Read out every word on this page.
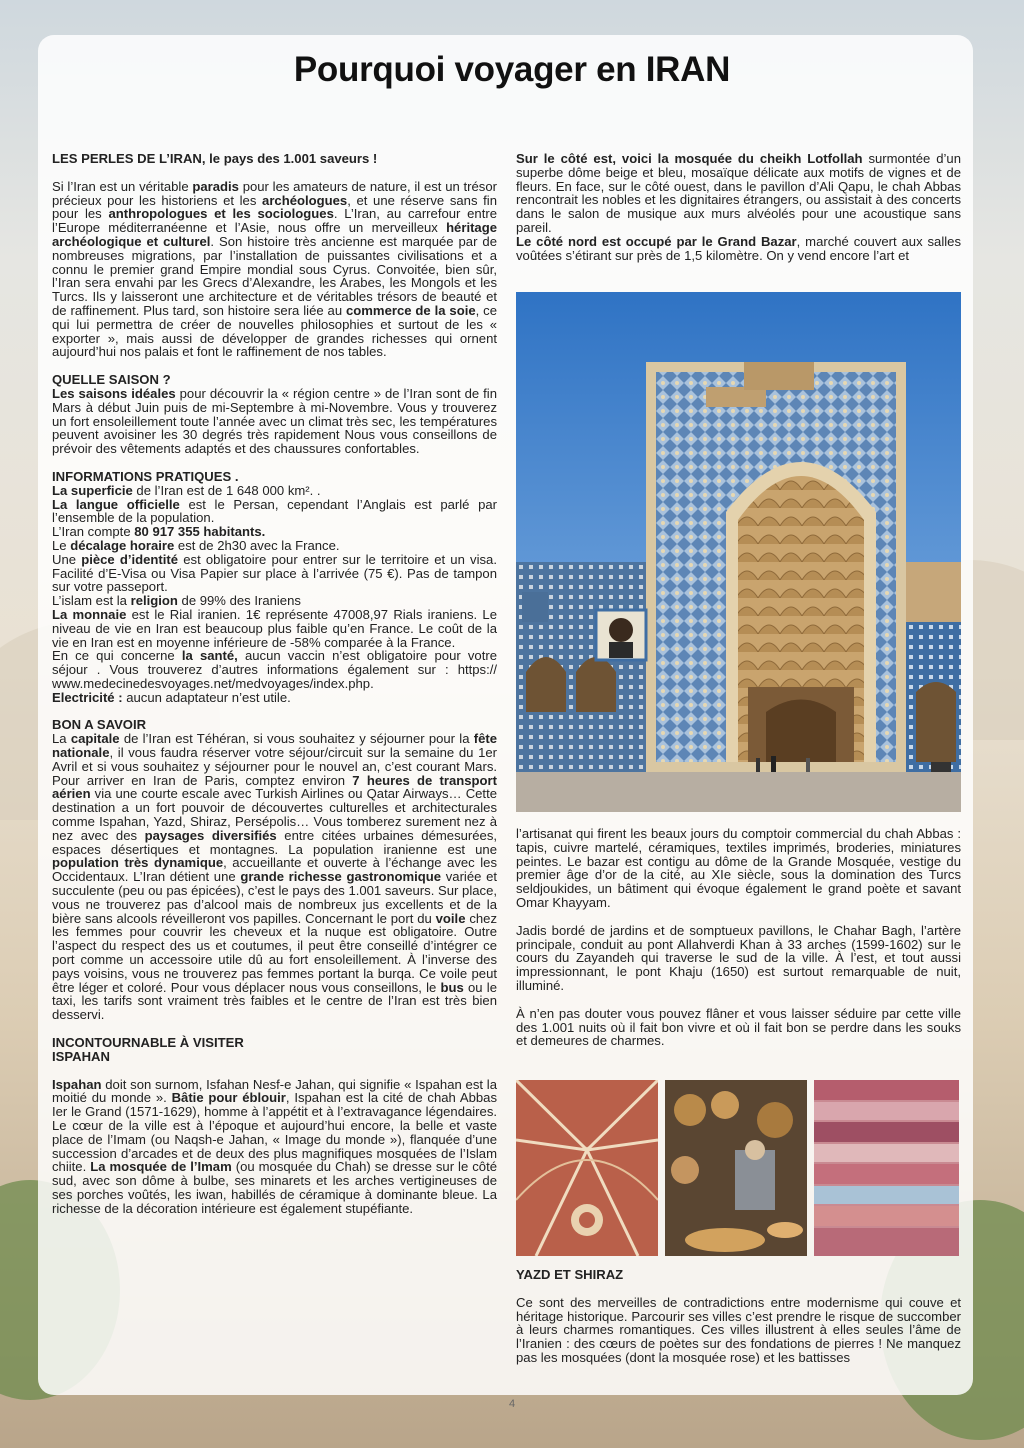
Pourquoi voyager en IRAN

LES PERLES DE L’IRAN, le pays des 1.001 saveurs !

Si l’Iran est un véritable paradis pour les amateurs de nature, il est un trésor précieux pour les historiens et les archéologues, et une réserve sans fin pour les anthropologues et les sociologues. L’Iran, au carrefour entre l’Europe méditerranéenne et l’Asie, nous offre un merveilleux héritage archéologique et culturel. Son histoire très ancienne est marquée par de nombreuses migrations, par l’installation de puissantes civilisations et a connu le premier grand Empire mondial sous Cyrus. Convoitée, bien sûr, l’Iran sera envahi par les Grecs d’Alexandre, les Arabes, les Mongols et les Turcs. Ils y laisseront une architecture et de véritables trésors de beauté et de raffinement. Plus tard, son histoire sera liée au commerce de la soie, ce qui lui permettra de créer de nouvelles philosophies et surtout de les « exporter », mais aussi de développer de grandes richesses qui ornent aujourd’hui nos palais et font le raffinement de nos tables.

QUELLE SAISON ?

Les saisons idéales pour découvrir la « région centre » de l’Iran sont de fin Mars à début Juin puis de mi-Septembre à mi-Novembre. Vous y trouverez un fort ensoleillement toute l’année avec un climat très sec, les températures peuvent avoisiner les 30 degrés très rapidement Nous vous conseillons de prévoir des vêtements adaptés et des chaussures confortables.

INFORMATIONS PRATIQUES .

La superficie de l’Iran est de 1 648 000 km². .

La langue officielle est le Persan, cependant l’Anglais est parlé par l’ensemble de la population.

L’Iran compte 80 917 355 habitants.

Le décalage horaire est de 2h30 avec la France.

Une pièce d’identité est obligatoire pour entrer sur le territoire et un visa. Facilité d’E-Visa ou Visa Papier sur place à l’arrivée (75 €). Pas de tampon sur votre passeport.

L’islam est la religion de 99% des Iraniens

La monnaie est le Rial iranien. 1€ représente 47008,97 Rials iraniens. Le niveau de vie en Iran est beaucoup plus faible qu’en France. Le coût de la vie en Iran est en moyenne inférieure de -58% comparée à la France.

En ce qui concerne la santé, aucun vaccin n’est obligatoire pour votre séjour . Vous trouverez d’autres informations également sur : https:// www.medecinedesvoyages.net/medvoyages/index.php.

Electricité : aucun adaptateur n’est utile.

BON A SAVOIR

La capitale de l’Iran est Téhéran, si vous souhaitez y séjourner pour la fête nationale, il vous faudra réserver votre séjour/circuit sur la semaine du 1er Avril et si vous souhaitez y séjourner pour le nouvel an, c’est courant Mars. Pour arriver en Iran de Paris, comptez environ 7 heures de transport aérien via une courte escale avec Turkish Airlines ou Qatar Airways… Cette destination a un fort pouvoir de découvertes culturelles et architecturales comme Ispahan, Yazd, Shiraz, Persépolis… Vous tomberez surement nez à nez avec des paysages diversifiés entre citées urbaines démesurées, espaces désertiques et montagnes. La population iranienne est une population très dynamique, accueillante et ouverte à l’échange avec les Occidentaux. L’Iran détient une grande richesse gastronomique variée et succulente (peu ou pas épicées), c’est le pays des 1.001 saveurs. Sur place, vous ne trouverez pas d’alcool mais de nombreux jus excellents et de la bière sans alcools réveilleront vos papilles. Concernant le port du voile chez les femmes pour couvrir les cheveux et la nuque est obligatoire. Outre l’aspect du respect des us et coutumes, il peut être conseillé d’intégrer ce port comme un accessoire utile dû au fort ensoleillement. À l’inverse des pays voisins, vous ne trouverez pas femmes portant la burqa. Ce voile peut être léger et coloré. Pour vous déplacer nous vous conseillons, le bus ou le taxi, les tarifs sont vraiment très faibles et le centre de l’Iran est très bien desservi.

INCONTOURNABLE À VISITER

ISPAHAN

Ispahan doit son surnom, Isfahan Nesf-e Jahan, qui signifie « Ispahan est la moitié du monde ». Bâtie pour éblouir, Ispahan est la cité de chah Abbas Ier le Grand (1571-1629), homme à l’appétit et à l’extravagance légendaires. Le cœur de la ville est à l’époque et aujourd’hui encore, la belle et vaste place de l’Imam (ou Naqsh-e Jahan, « Image du monde »), flanquée d’une succession d’arcades et de deux des plus magnifiques mosquées de l’Islam chiite. La mosquée de l’Imam (ou mosquée du Chah) se dresse sur le côté sud, avec son dôme à bulbe, ses minarets et les arches vertigineuses de ses porches voûtés, les iwan, habillés de céramique à dominante bleue. La richesse de la décoration intérieure est également stupéfiante.

Sur le côté est, voici la mosquée du cheikh Lotfollah surmontée d’un superbe dôme beige et bleu, mosaïque délicate aux motifs de vignes et de fleurs. En face, sur le côté ouest, dans le pavillon d’Ali Qapu, le chah Abbas rencontrait les nobles et les dignitaires étrangers, ou assistait à des concerts dans le salon de musique aux murs alvéolés pour une acoustique sans pareil.

Le côté nord est occupé par le Grand Bazar, marché couvert aux salles voûtées s’étirant sur près de 1,5 kilomètre. On y vend encore l’art et

l’artisanat qui firent les beaux jours du comptoir commercial du chah Abbas : tapis, cuivre martelé, céramiques, textiles imprimés, broderies, miniatures peintes. Le bazar est contigu au dôme de la Grande Mosquée, vestige du premier âge d’or de la cité, au XIe siècle, sous la domination des Turcs seldjoukides, un bâtiment qui évoque également le grand poète et savant Omar Khayyam.

Jadis bordé de jardins et de somptueux pavillons, le Chahar Bagh, l’artère principale, conduit au pont Allahverdi Khan à 33 arches (1599-1602) sur le cours du Zayandeh qui traverse le sud de la ville. À l’est, et tout aussi impressionnant, le pont Khaju (1650) est surtout remarquable de nuit, illuminé.

À n’en pas douter vous pouvez flâner et vous laisser séduire par cette ville des 1.001 nuits où il fait bon vivre et où il fait bon se perdre dans les souks et demeures de charmes.

YAZD ET SHIRAZ

Ce sont des merveilles de contradictions entre modernisme qui couve et héritage historique. Parcourir ses villes c’est prendre le risque de succomber à leurs charmes romantiques. Ces villes illustrent à elles seules l’âme de l’Iranien : des cœurs de poètes sur des fondations de pierres ! Ne manquez pas les mosquées (dont la mosquée rose) et les battisses

4
